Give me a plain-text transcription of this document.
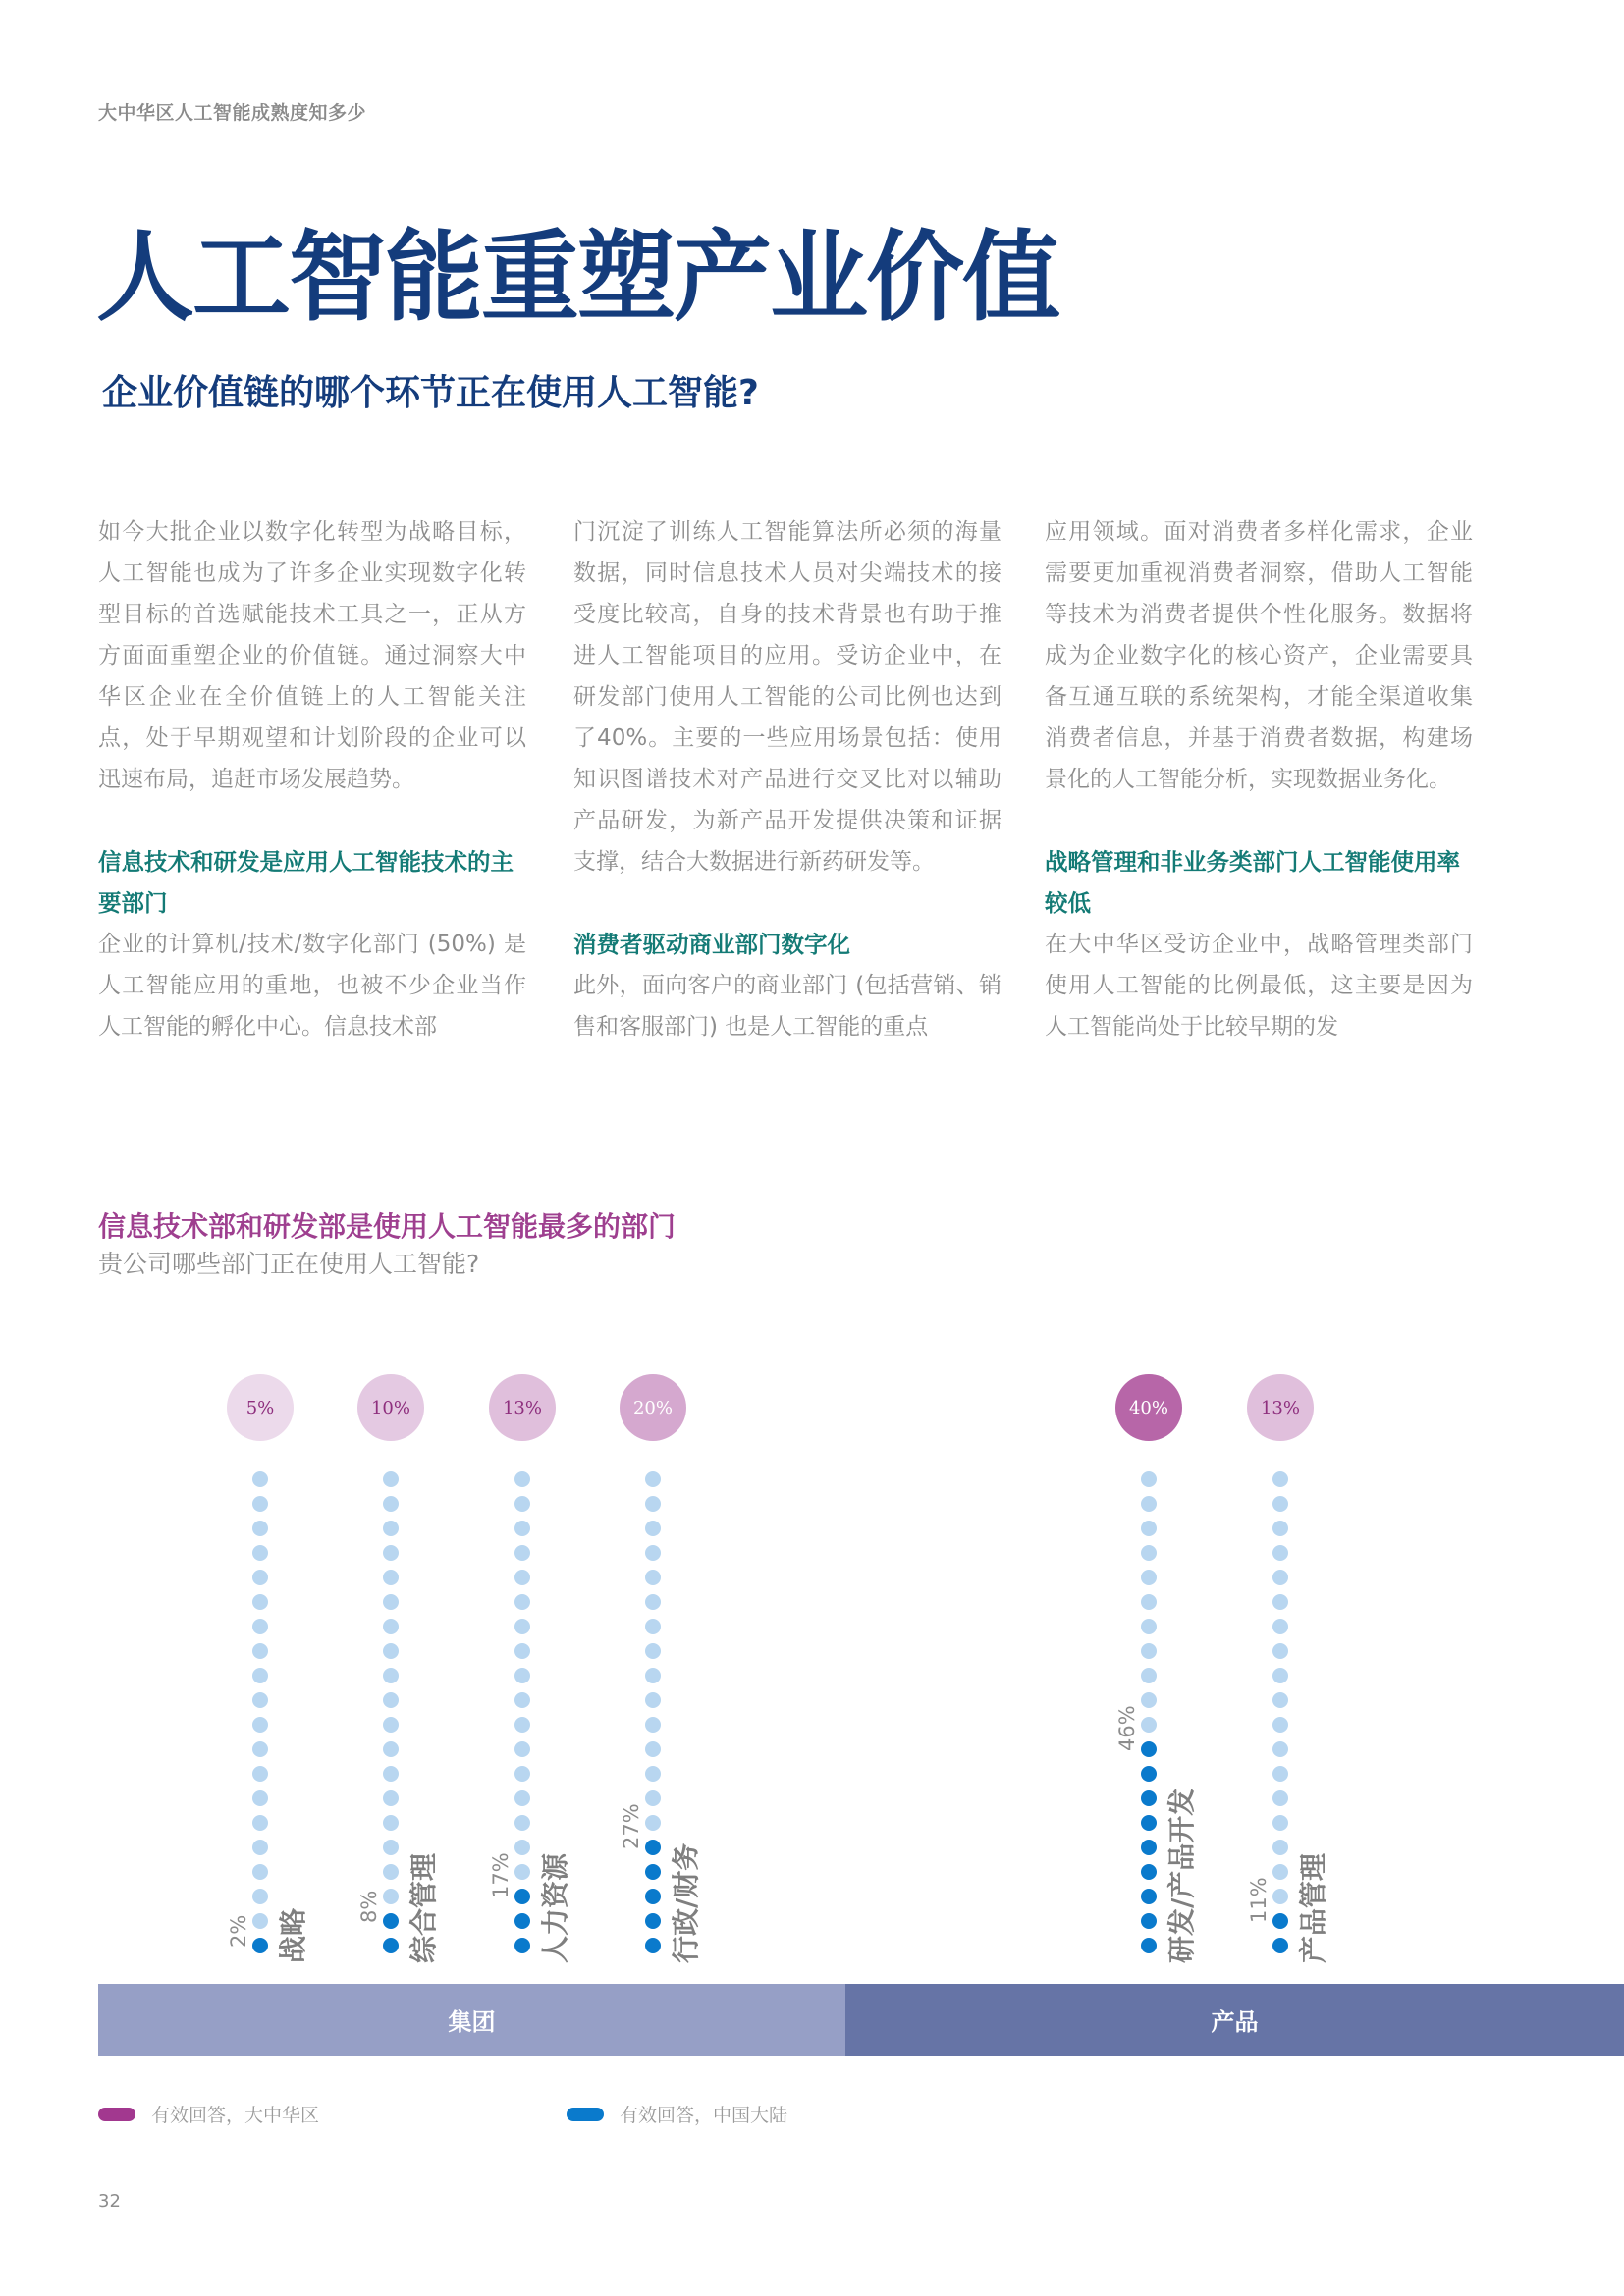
大中华区人工智能成熟度知多少
人工智能重塑产业价值
企业价值链的哪个环节正在使用人工智能?

如今大批企业以数字化转型为战略目标，人工智能也成为了许多企业实现数字化转型目标的首选赋能技术工具之一，正从方方面面重塑企业的价值链。通过洞察大中华区企业在全价值链上的人工智能关注点，处于早期观望和计划阶段的企业可以迅速布局，追赶市场发展趋势。

信息技术和研发是应用人工智能技术的主要部门

企业的计算机/技术/数字化部门 (50%) 是人工智能应用的重地，也被不少企业当作人工智能的孵化中心。信息技术部

门沉淀了训练人工智能算法所必须的海量数据，同时信息技术人员对尖端技术的接受度比较高，自身的技术背景也有助于推进人工智能项目的应用。受访企业中，在研发部门使用人工智能的公司比例也达到了40%。主要的一些应用场景包括：使用知识图谱技术对产品进行交叉比对以辅助产品研发，为新产品开发提供决策和证据支撑，结合大数据进行新药研发等。

消费者驱动商业部门数字化

此外，面向客户的商业部门 (包括营销、销售和客服部门) 也是人工智能的重点

应用领域。面对消费者多样化需求，企业需要更加重视消费者洞察，借助人工智能等技术为消费者提供个性化服务。数据将成为企业数字化的核心资产，企业需要具备互通互联的系统架构，才能全渠道收集消费者信息，并基于消费者数据，构建场景化的人工智能分析，实现数据业务化。

战略管理和非业务类部门人工智能使用率较低

在大中华区受访企业中，战略管理类部门使用人工智能的比例最低，这主要是因为人工智能尚处于比较早期的发

信息技术部和研发部是使用人工智能最多的部门
贵公司哪些部门正在使用人工智能?
5%
2% 战略
10%
8% 综合管理
13%
17% 人力资源
20%
27%
行政/财务
40%
46%
研发/产品开发
13%
11% 产品管理
集团	产品
有效回答，大中华区	有效回答，中国大陆
32
